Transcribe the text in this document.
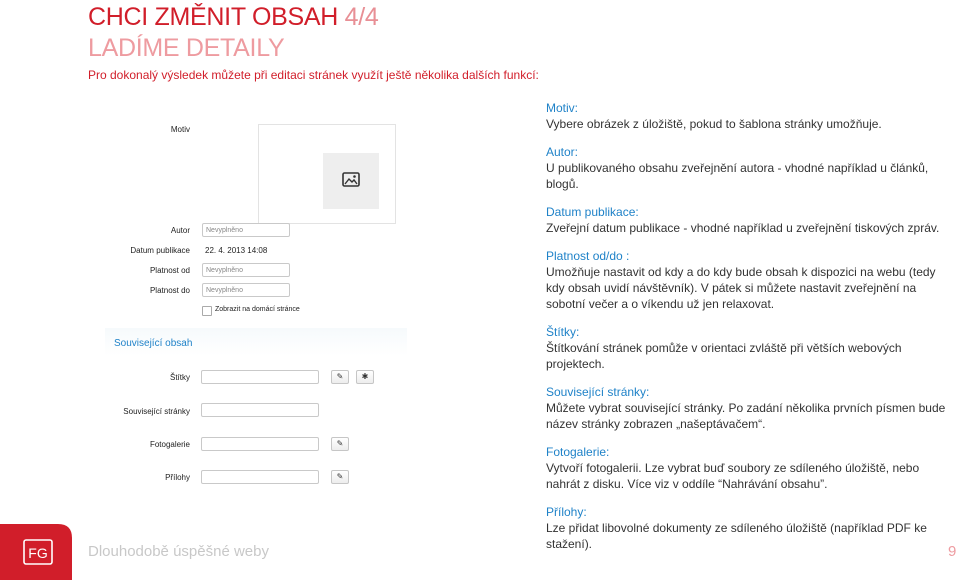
CHCI ZMĚNIT OBSAH 4/4
LADÍME DETAILY
Pro dokonalý výsledek můžete při editaci stránek využít ještě několika dalších funkcí:
Motiv
Autor	Nevyplněno
Datum publikace 22. 4. 2013 14:08
Platnost od	Nevyplněno
Platnost do	Nevyplněno
Zobrazit na domácí stránce
Související obsah
Štítky	✎	✱
Související stránky
Fotogalerie	✎
Přílohy	✎
Motiv:
Vybere obrázek z úložiště, pokud to šablona stránky umožňuje.
Autor:
U publikovaného obsahu zveřejnění autora - vhodné například u článků, blogů.
Datum publikace:
Zveřejní datum publikace - vhodné například u zveřejnění tiskových zpráv.
Platnost od/do :
Umožňuje nastavit od kdy a do kdy bude obsah k dispozici na webu (tedy kdy obsah uvidí návštěvník). V pátek si můžete nastavit zveřejnění na sobotní večer a o víkendu už jen relaxovat.
Štítky:
Štítkování stránek pomůže v orientaci zvláště při větších webových projektech.
Související stránky:
Můžete vybrat související stránky. Po zadání několika prvních písmen bude název stránky zobrazen „našeptávačem“.
Fotogalerie:
Vytvoří fotogalerii. Lze vybrat buď soubory ze sdíleného úložiště, nebo nahrát z disku. Více viz v oddíle “Nahrávání obsahu”.
Přílohy:
Lze přidat libovolné dokumenty ze sdíleného úložiště (například PDF ke stažení).
FG	Dlouhodobě úspěšné weby	9
